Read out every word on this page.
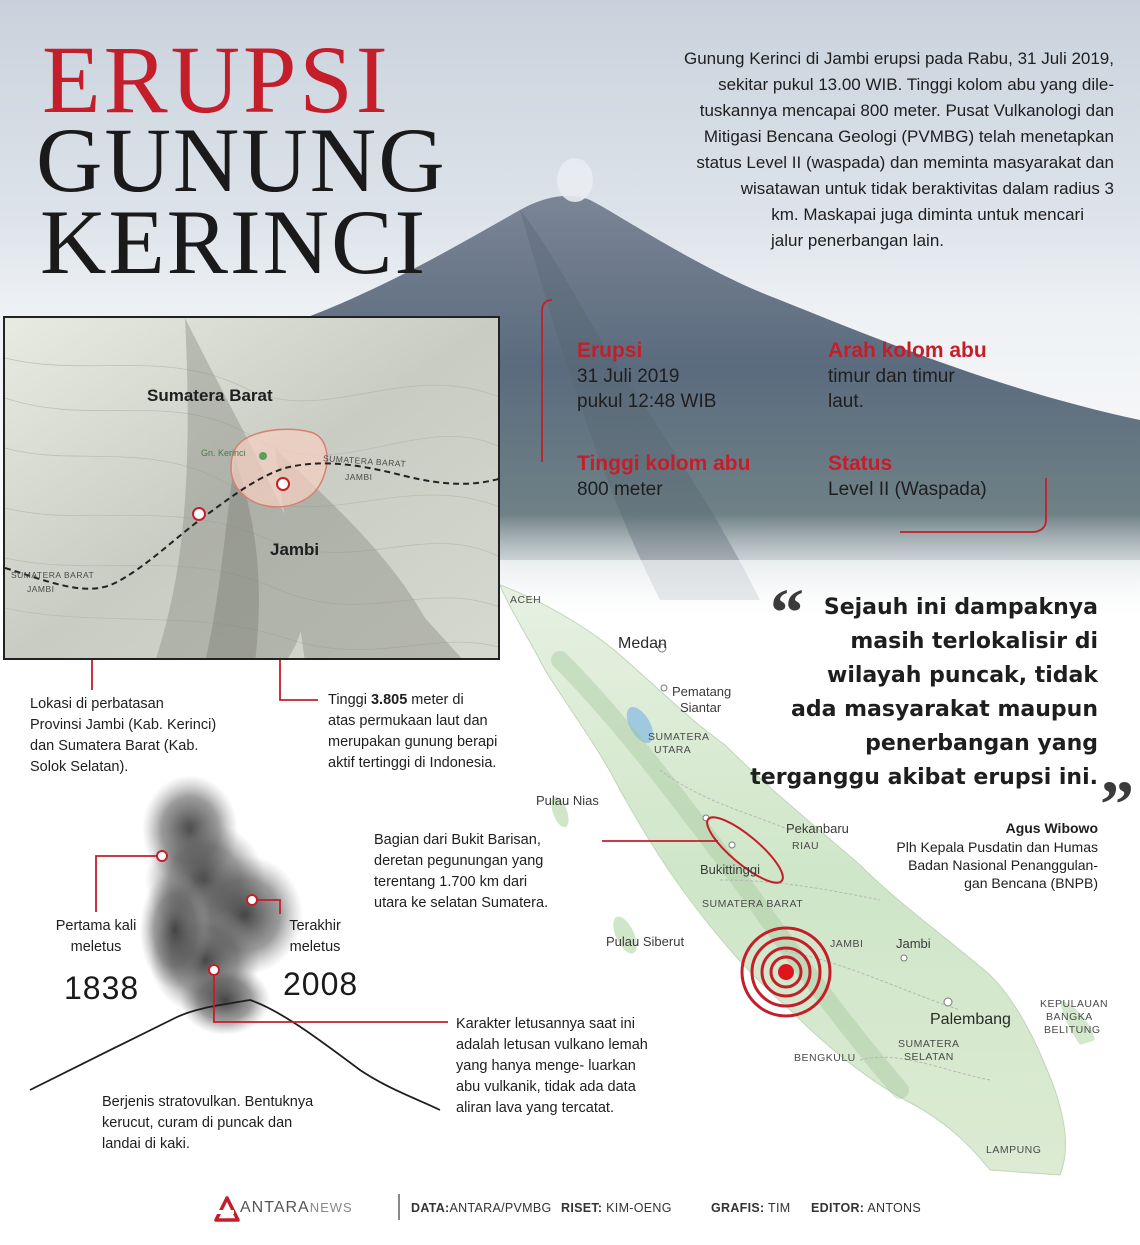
ERUPSI
GUNUNG
KERINCI
Gunung Kerinci di Jambi erupsi pada Rabu, 31 Juli 2019,
sekitar pukul 13.00 WIB. Tinggi kolom abu yang dile-
tuskannya mencapai 800 meter. Pusat Vulkanologi dan
Mitigasi Bencana Geologi (PVMBG) telah menetapkan
status Level II (waspada) dan meminta masyarakat dan
wisatawan untuk tidak beraktivitas dalam radius 3
km. Maskapai juga diminta untuk mencari
jalur penerbangan lain.
Sumatera Barat
Jambi
Gn. Kerinci
SUMATERA BARAT
JAMBI
SUMATERA BARAT
JAMBI
Erupsi
31 Juli 2019
pukul 12:48 WIB
Arah kolom abu
timur dan timur
laut.
Tinggi kolom abu
800 meter
Status
Level II (Waspada)
“ Sejauh ini dampaknya
masih terlokalisir di
wilayah puncak, tidak
ada masyarakat maupun
penerbangan yang
terganggu akibat erupsi ini. ”
Agus Wibowo
Plh Kepala Pusdatin dan Humas
Badan Nasional Penanggulan-
gan Bencana (BNPB)
Lokasi di perbatasan
Provinsi Jambi (Kab. Kerinci)
dan Sumatera Barat (Kab.
Solok Selatan).
Tinggi 3.805 meter di
atas permukaan laut dan
merupakan gunung berapi
aktif tertinggi di Indonesia.
Bagian dari Bukit Barisan,
deretan pegunungan yang
terentang 1.700 km dari
utara ke selatan Sumatera.
Pertama kali
meletus
1838
Terakhir
meletus
2008
Karakter letusannya saat ini
adalah letusan vulkano lemah
yang hanya menge- luarkan
abu vulkanik, tidak ada data
aliran lava yang tercatat.
Berjenis stratovulkan. Bentuknya
kerucut, curam di puncak dan
landai di kaki.
ACEH
Medan
Pematang
Siantar
SUMATERA
UTARA
Pulau Nias
Pekanbaru
RIAU
Bukittinggi
SUMATERA BARAT
Pulau Siberut	JAMBI	Jambi
KEPULAUAN
BANGKA
BELITUNG
Palembang
SUMATERA
SELATAN
BENGKULU
LAMPUNG
ANTARANEWS	DATA:ANTARA/PVMBG RISET: KIM-OENG	GRAFIS: TIM EDITOR: ANTONS
